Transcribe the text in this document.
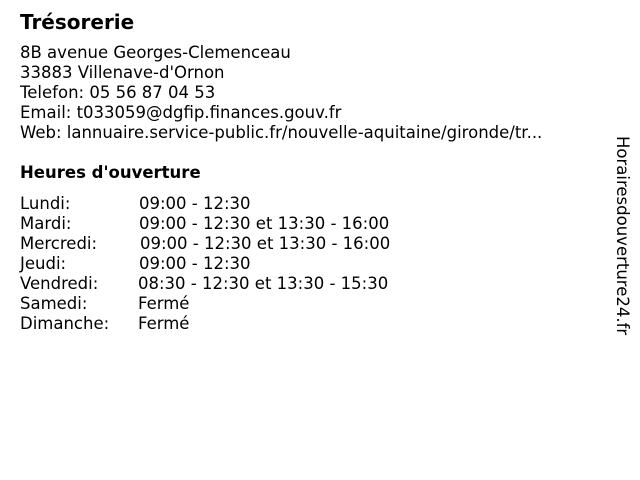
Trésorerie
8B avenue Georges-Clemenceau
33883 Villenave-d'Ornon
Telefon: 05 56 87 04 53
Email: t033059@dgfip.finances.gouv.fr
Web: lannuaire.service-public.fr/nouvelle-aquitaine/gironde/tr...
Heures d'ouverture
Lundi:	09:00 - 12:30
Mardi:	09:00 - 12:30 et 13:30 - 16:00
Mercredi:	09:00 - 12:30 et 13:30 - 16:00
Jeudi:	09:00 - 12:30
Vendredi: 08:30 - 12:30 et 13:30 - 15:30
Samedi:	Fermé
Dimanche: Fermé	Horairesdouverture24.fr
